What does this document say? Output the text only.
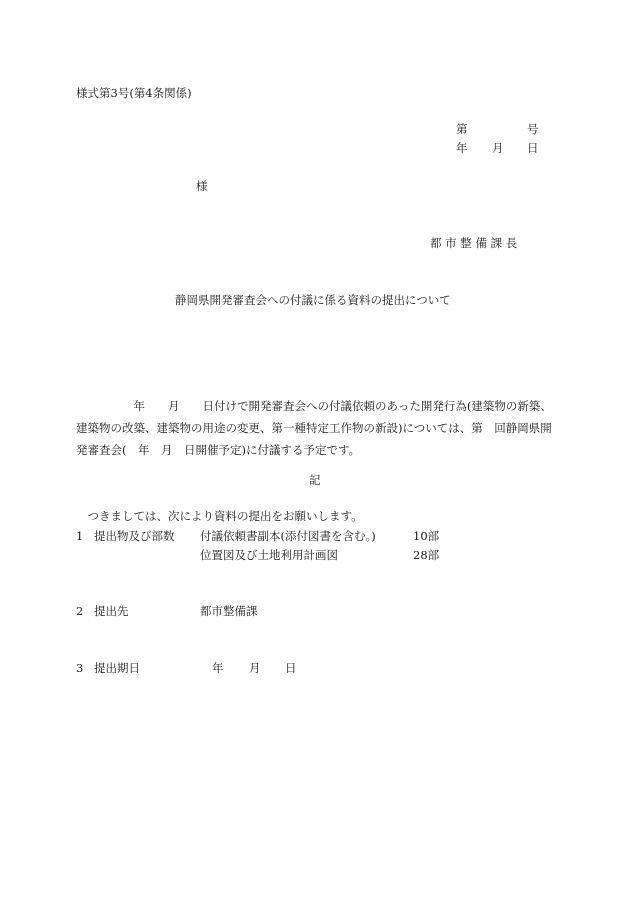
様式第3号(第4条関係)
第	号
年 月 日
様
都 市 整 備 課 長
静岡県開発審査会への付議に係る資料の提出について

　　　　　年　　月　　日付けで開発審査会への付議依頼のあった開発行為(建築物の新築、建築物の改築、建築物の用途の変更、第一種特定工作物の新設)については、第　回静岡県開発審査会(　年　月　日開催予定)に付議する予定です。

　つきましては、次により資料の提出をお願いします。

記
1 提出物及び部数 付議依頼書副本(添付図書を含む。)	10部
位置図及び土地利用計画図	28部
2 提出先	都市整備課
3 提出期日	年 月 日
